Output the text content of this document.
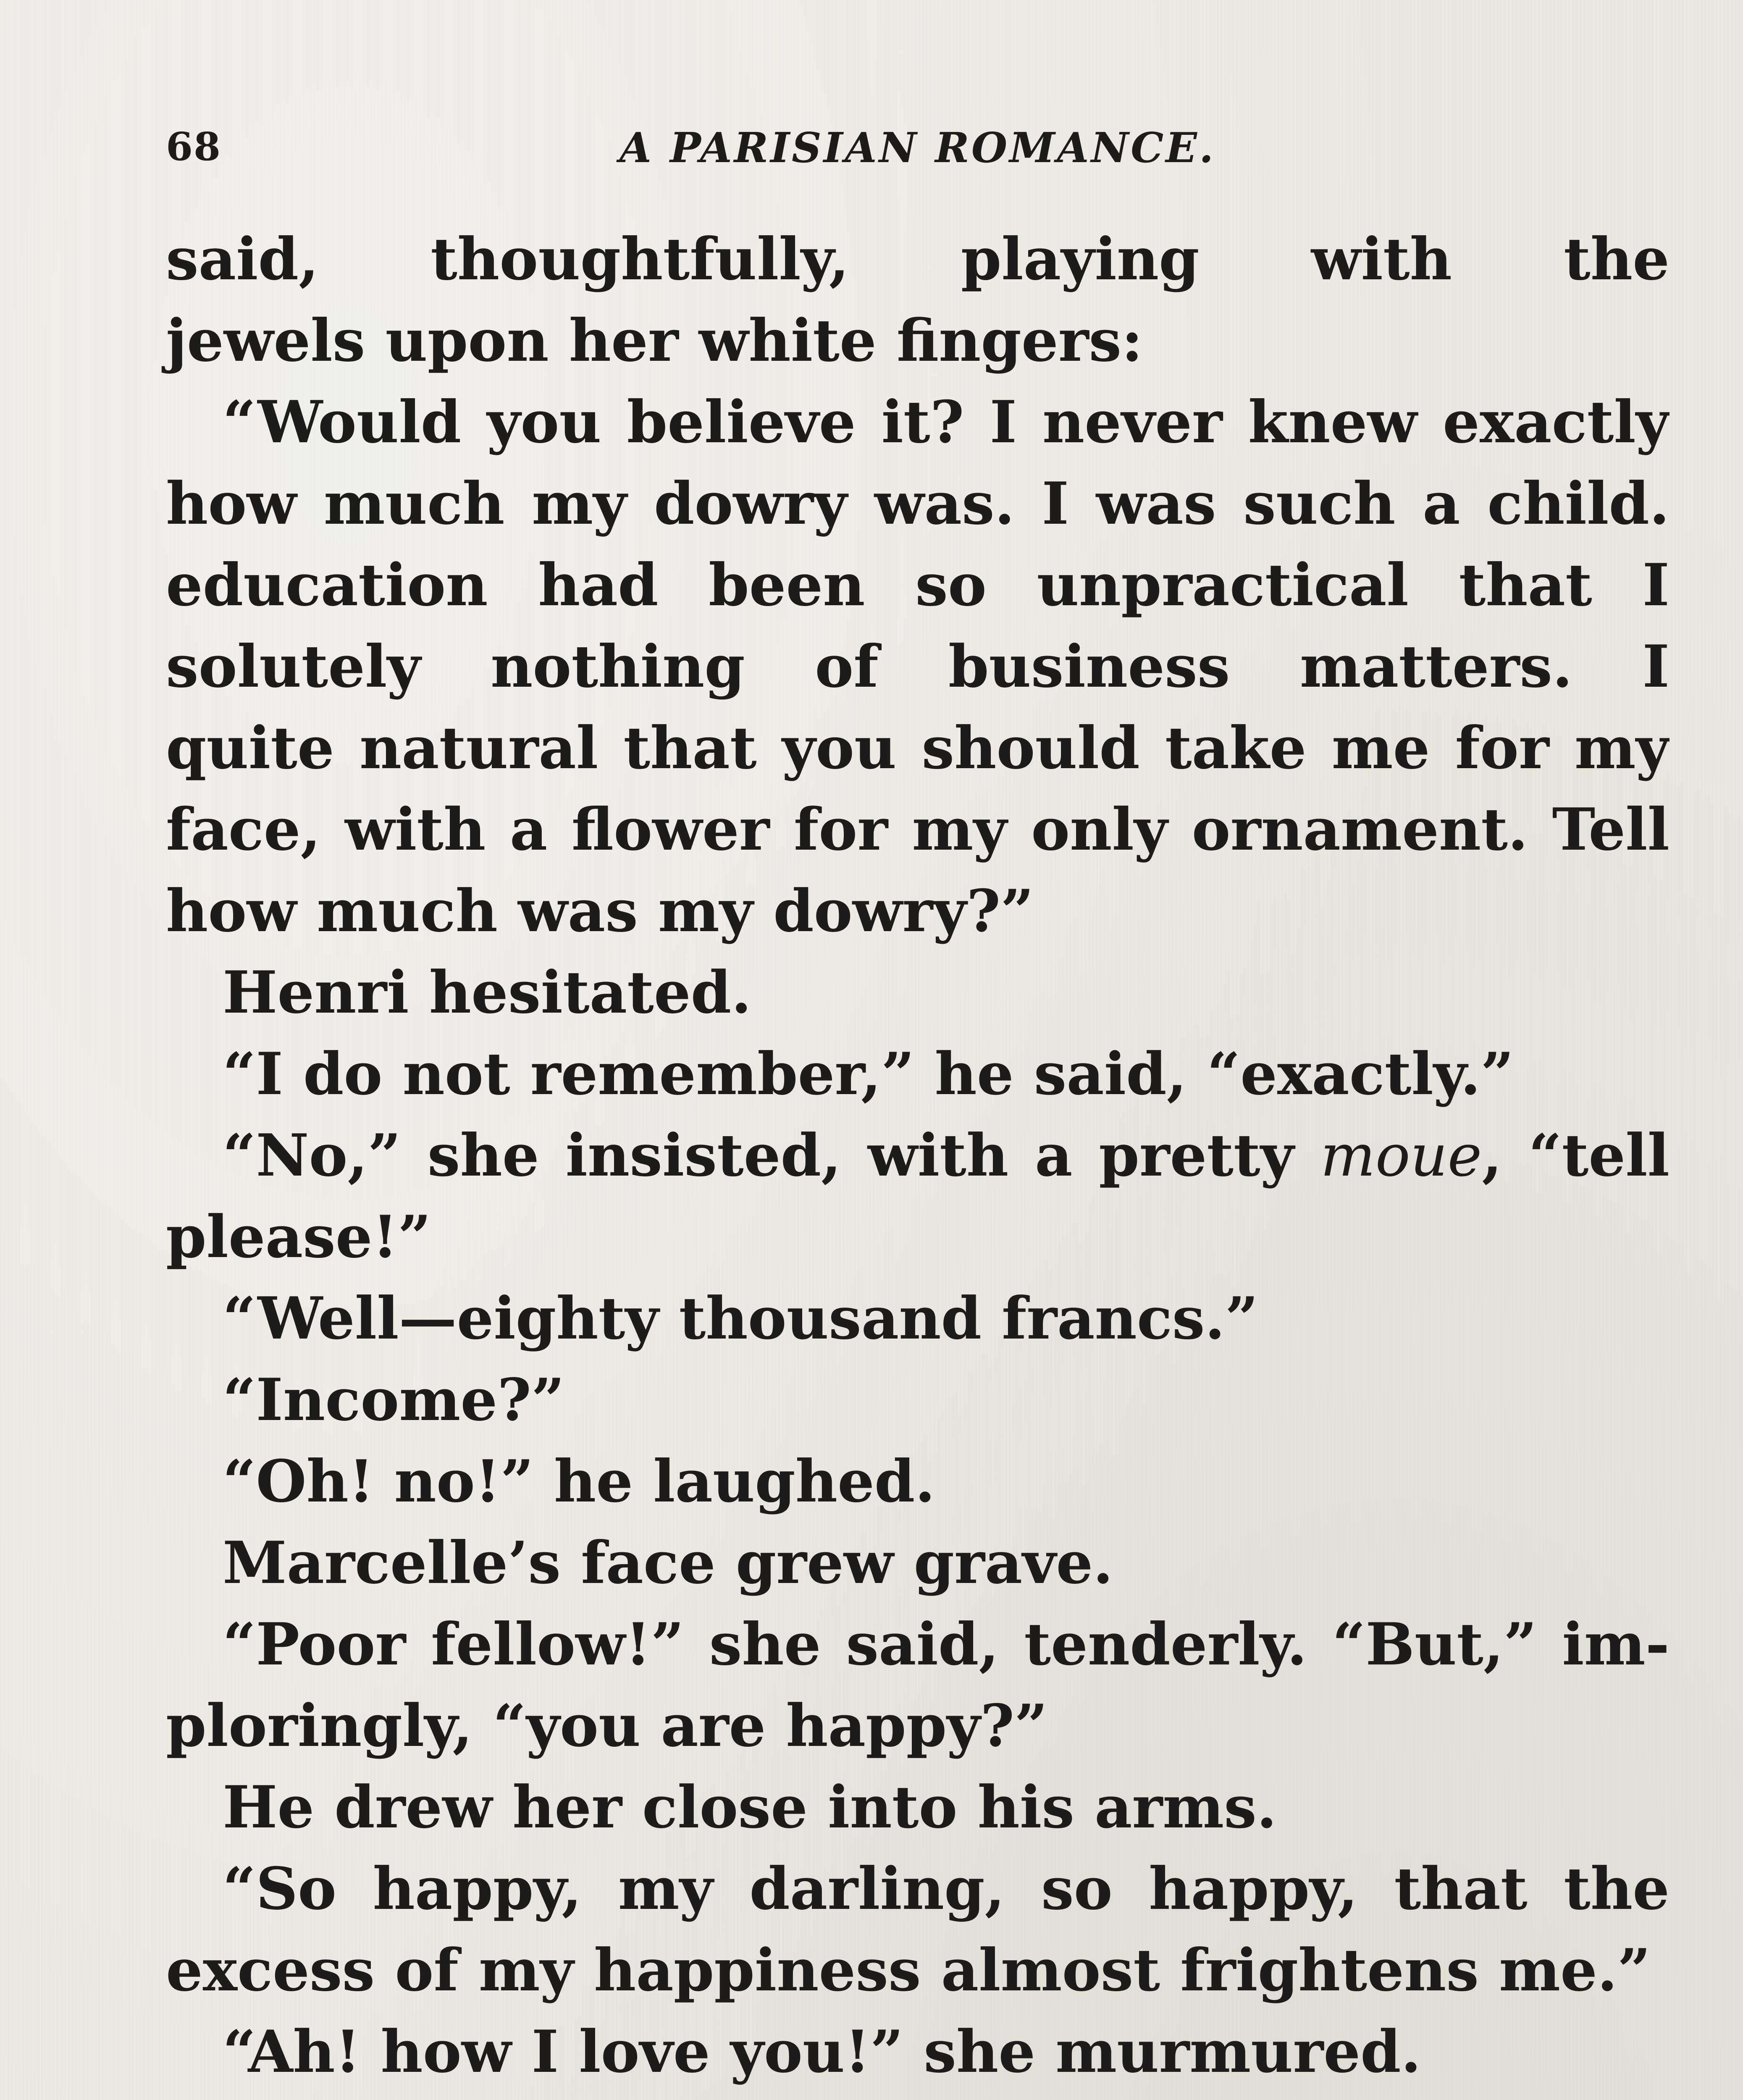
68	A PARISIAN ROMANCE.
said, thoughtfully, playing with the
jewels upon her white fingers:
“Would you believe it? I never knew exactly
how much my dowry was. I was such a child.
education had been so unpractical that I
solutely nothing of business matters. I
quite natural that you should take me for my
face, with a flower for my only ornament. Tell
how much was my dowry?”
Henri hesitated.
“I do not remember,” he said, “exactly.”
“No,” she insisted, with a pretty moue, “tell
please!”
“Well—eighty thousand francs.”
“Income?”
“Oh! no!” he laughed.
Marcelle’s face grew grave.
“Poor fellow!” she said, tenderly. “But,” im-
ploringly, “you are happy?”
He drew her close into his arms.
“So happy, my darling, so happy, that the
excess of my happiness almost frightens me.”
“Ah! how I love you!” she murmured.
